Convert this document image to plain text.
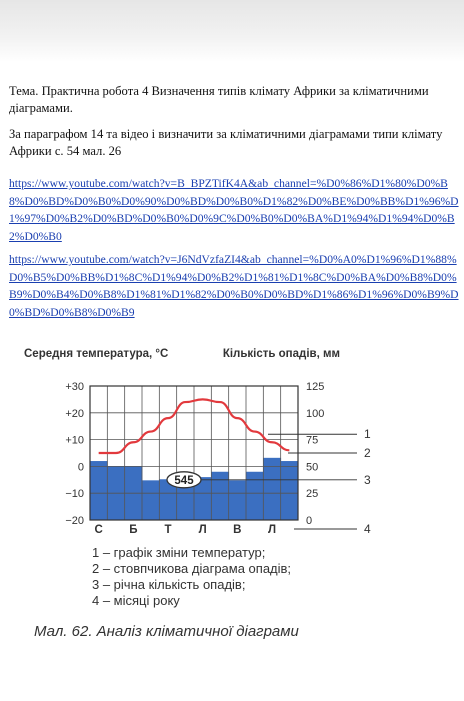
Тема. Практична робота 4 Визначення типів клімату Африки за кліматичними діаграмами.

За параграфом 14 та відео і визначити за кліматичними діаграмами типи клімату Африки с. 54 мал. 26

https://www.youtube.com/watch?v=B_BPZTifK4A&ab_channel=%D0%86%D1%80%D0%B8%D0%BD%D0%B0%D0%90%D0%BD%D0%B0%D1%82%D0%BE%D0%BB%D1%96%D1%97%D0%B2%D0%BD%D0%B0%D0%9C%D0%B0%D0%BA%D1%94%D1%94%D0%B2%D0%B0
https://www.youtube.com/watch?v=J6NdVzfaZI4&ab_channel=%D0%A0%D1%96%D1%88%D0%B5%D0%BB%D1%8C%D1%94%D0%B2%D1%81%D1%8C%D0%BA%D0%B8%D0%B9%D0%B4%D0%B8%D1%81%D1%82%D0%B0%D0%BD%D1%86%D1%96%D0%B9%D0%BD%D0%B8%D0%B9
Середня температура, °С	Кількість опадів, мм
+30
+20
+10
0
−10
−20
125
100
75
50
25
0
С Б Т Л В Л
545
1
2
3
4
1 – графік зміни температур;
2 – стовпчикова діаграма опадів;
3 – річна кількість опадів;
4 – місяці року
Мал. 62. Аналіз кліматичної діаграми
